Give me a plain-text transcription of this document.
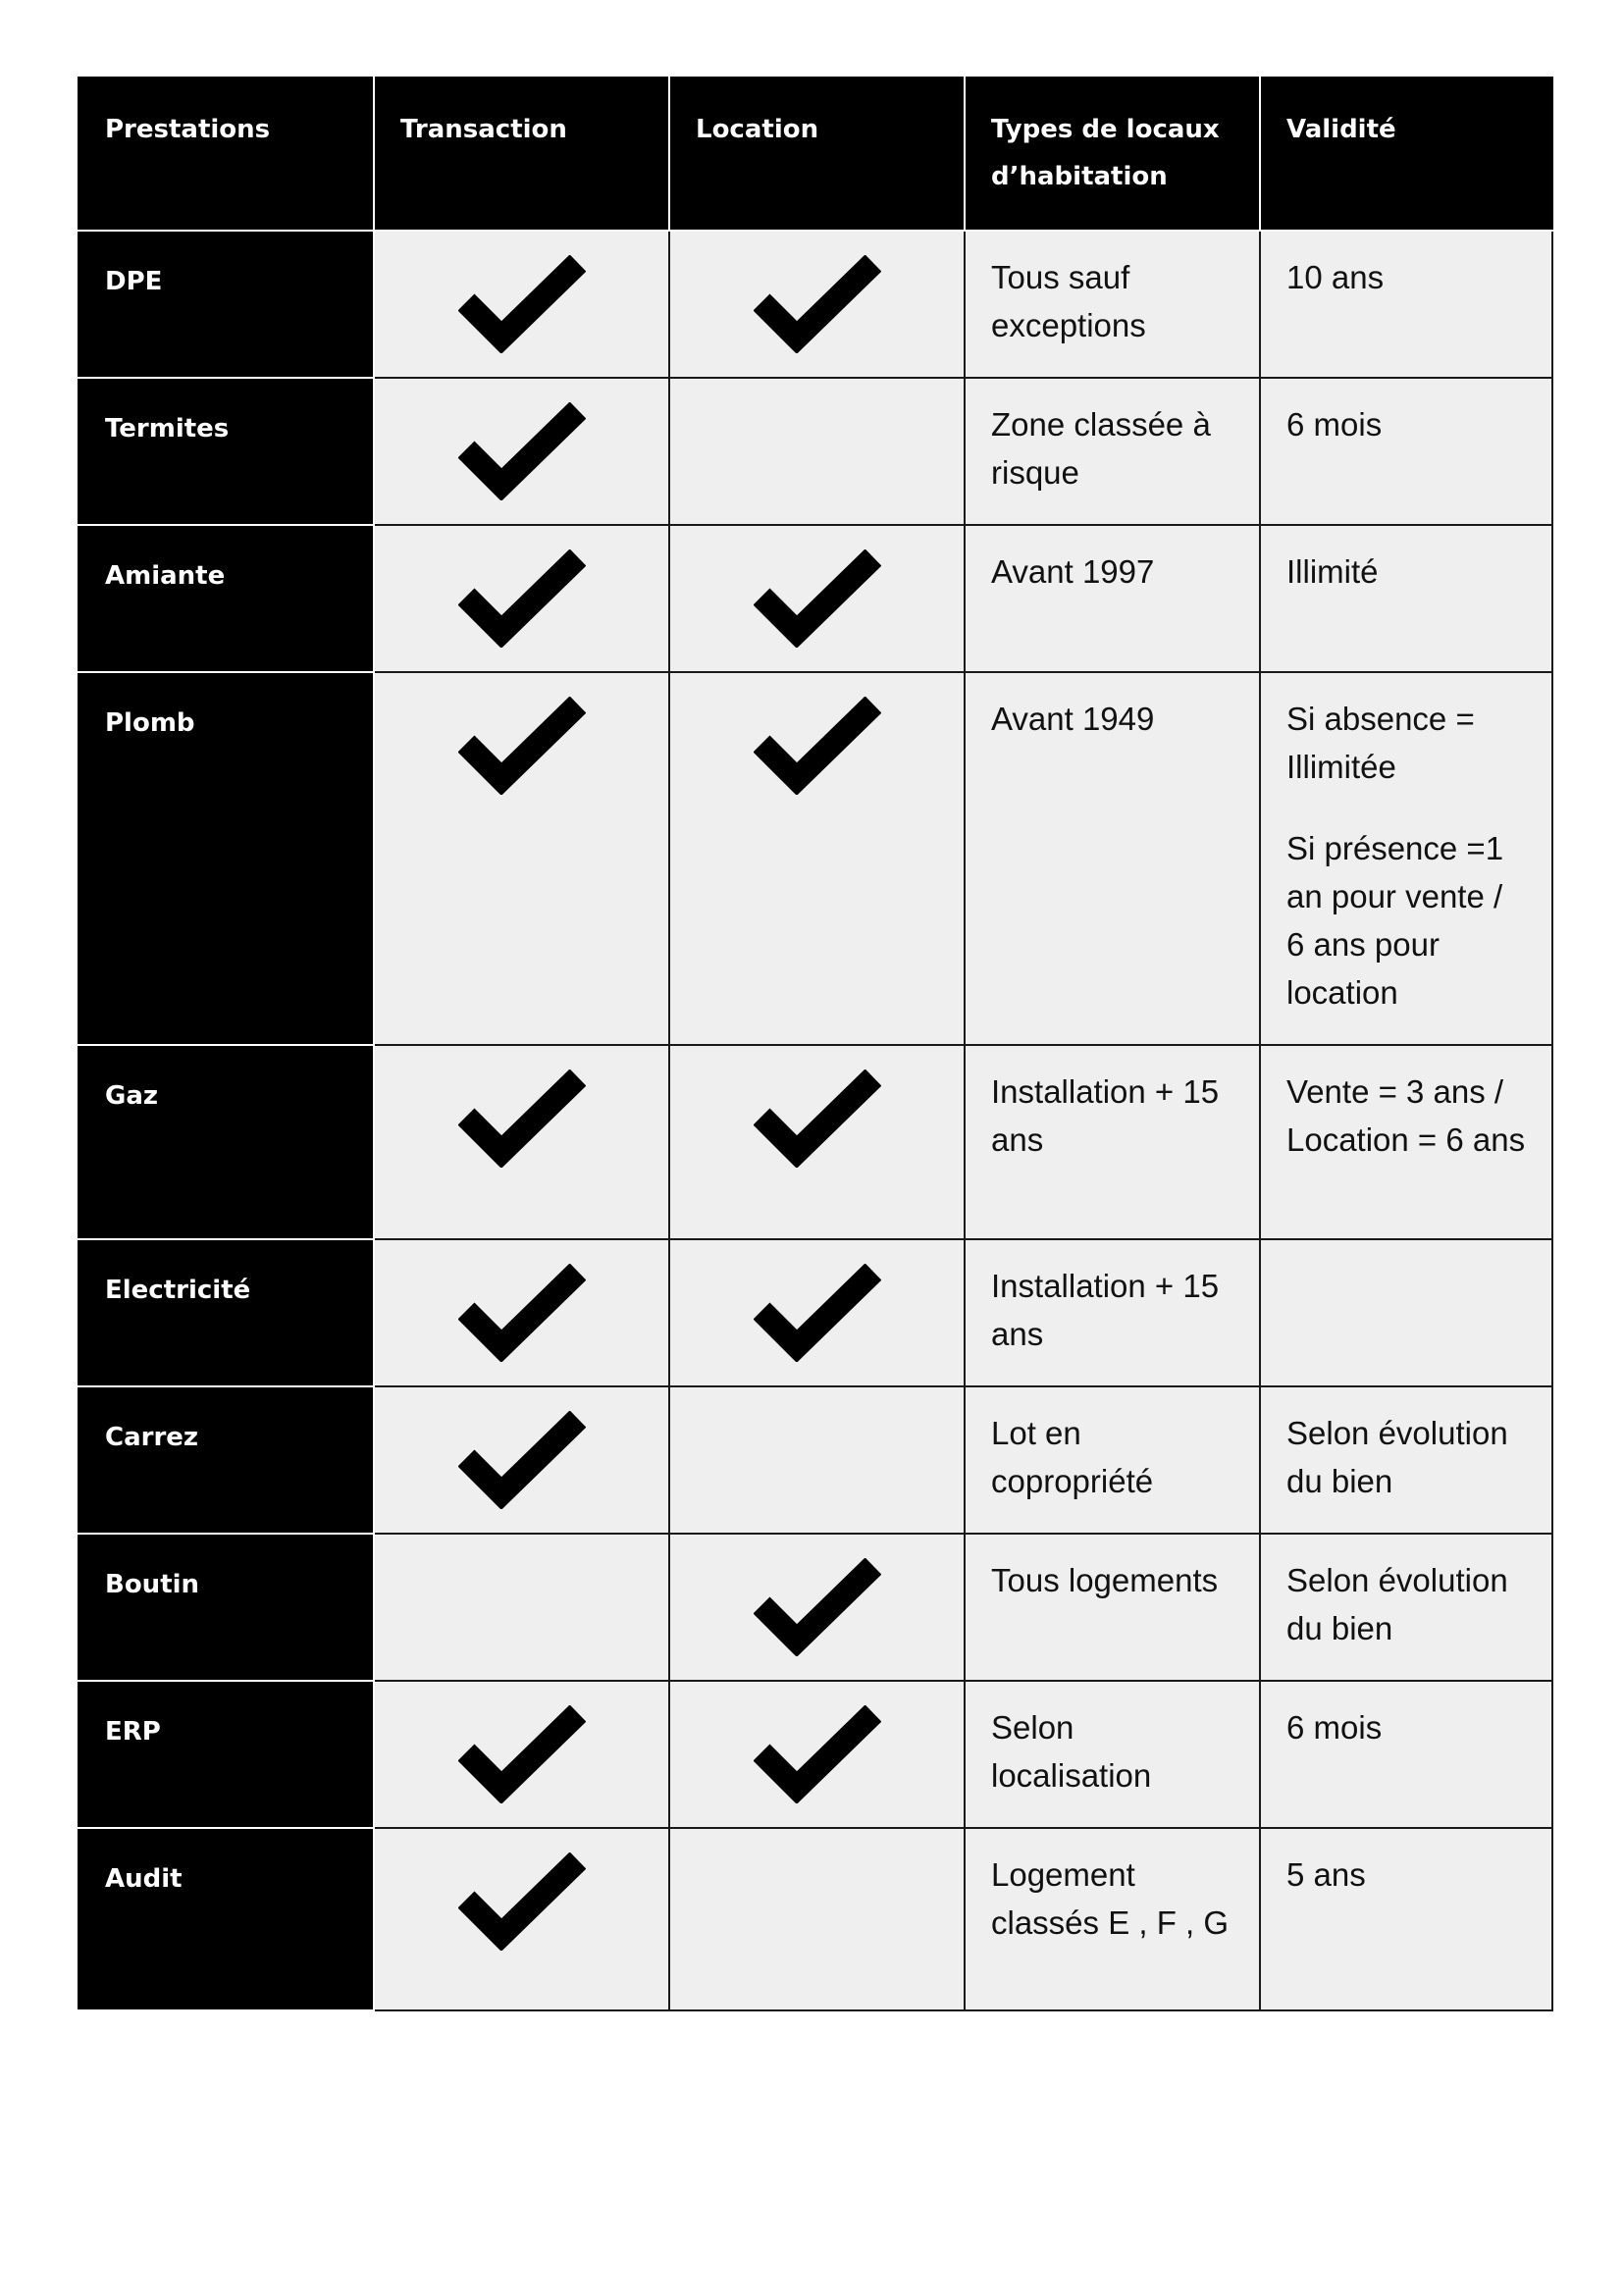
Prestations	Transaction	Location	Types de locaux d’habitation	Validité
DPE			Tous sauf exceptions	10 ans

Termites			Zone classée à risque	6 mois

Amiante			Avant 1997	Illimité

Plomb			Avant 1949	Si absence = Illimitée

Si présence =1 an pour vente / 6 ans pour location

Gaz			Installation + 15 ans	Vente = 3 ans / Location = 6 ans

Electricité			Installation + 15 ans	

Carrez			Lot en copropriété	Selon évolution du bien

Boutin			Tous logements	Selon évolution du bien

ERP			Selon localisation	6 mois

Audit			Logement classés E , F , G	5 ans
